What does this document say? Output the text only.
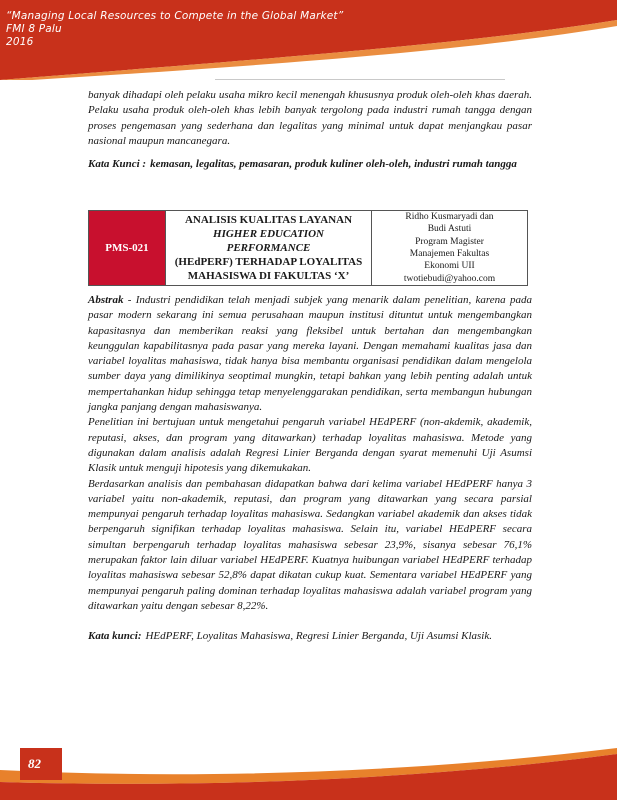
“Managing Local Resources to Compete in the Global Market”
FMI 8 Palu
2016

banyak dihadapi oleh pelaku usaha mikro kecil menengah khususnya produk oleh-oleh khas daerah. Pelaku usaha produk oleh-oleh khas lebih banyak tergolong pada industri rumah tangga dengan proses pengemasan yang sederhana dan legalitas yang minimal untuk dapat menjangkau pasar nasional maupun mancanegara.

Kata Kunci : kemasan, legalitas, pemasaran, produk kuliner oleh-oleh, industri rumah tangga
PMS-021
ANALISIS KUALITAS LAYANAN
HIGHER EDUCATION PERFORMANCE
(HEdPERF) TERHADAP LOYALITAS
MAHASISWA DI FAKULTAS ‘X’
Ridho Kusmaryadi dan
Budi Astuti
Program Magister
Manajemen Fakultas
Ekonomi UII
twotiebudi@yahoo.com

Abstrak - Industri pendidikan telah menjadi subjek yang menarik dalam penelitian, karena pada pasar modern sekarang ini semua perusahaan maupun institusi dituntut untuk mengembangkan kapasitasnya dan memberikan reaksi yang fleksibel untuk bertahan dan mengembangkan keunggulan kapabilitasnya pada pasar yang mereka layani. Dengan memahami kualitas jasa dan variabel loyalitas mahasiswa, tidak hanya bisa membantu organisasi pendidikan dalam mengelola sumber daya yang dimilikinya seoptimal mungkin, tetapi bahkan yang lebih penting adalah untuk mempertahankan hidup sehingga tetap menyelenggarakan pendidikan, serta membangun hubungan jangka panjang dengan mahasiswanya.

Penelitian ini bertujuan untuk mengetahui pengaruh variabel HEdPERF (non-akdemik, akademik, reputasi, akses, dan program yang ditawarkan) terhadap loyalitas mahasiswa. Metode yang digunakan dalam analisis adalah Regresi Linier Berganda dengan syarat memenuhi Uji Asumsi Klasik untuk menguji hipotesis yang dikemukakan.

Berdasarkan analisis dan pembahasan didapatkan bahwa dari kelima variabel HEdPERF hanya 3 variabel yaitu non-akademik, reputasi, dan program yang ditawarkan yang secara parsial mempunyai pengaruh terhadap loyalitas mahasiswa. Sedangkan variabel akademik dan akses tidak berpengaruh signifikan terhadap loyalitas mahasiswa. Selain itu, variabel HEdPERF secara simultan berpengaruh terhadap loyalitas mahasiswa sebesar 23,9%, sisanya sebesar 76,1% merupakan faktor lain diluar variabel HEdPERF. Kuatnya huibungan variabel HEdPERF terhadap loyalitas mahasiswa sebesar 52,8% dapat dikatan cukup kuat. Sementara variabel HEdPERF yang mempunyai pengaruh paling dominan terhadap loyalitas mahasiswa adalah variabel program yang ditawarkan yaitu dengan sebesar 8,22%.

Kata kunci: HEdPERF, Loyalitas Mahasiswa, Regresi Linier Berganda, Uji Asumsi Klasik.
82
